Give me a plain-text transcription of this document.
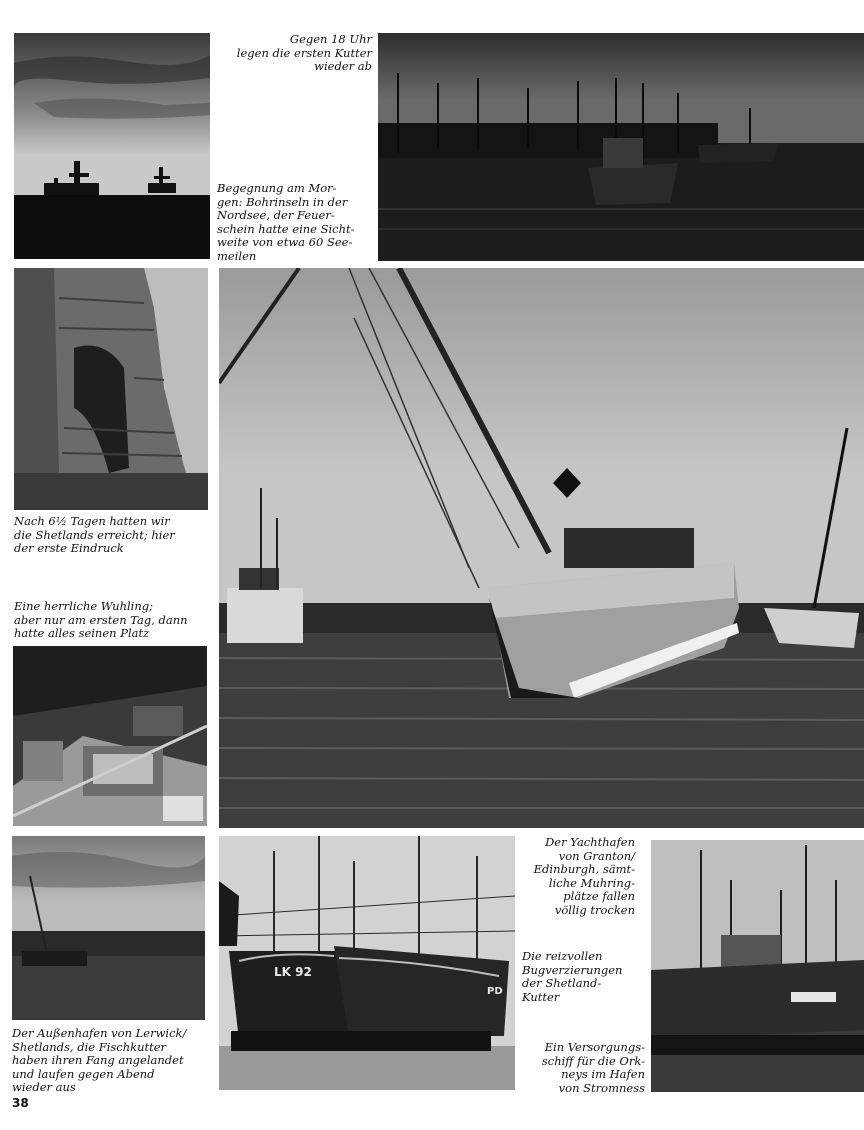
Gegen 18 Uhr
legen die ersten Kutter
wieder ab
Begegnung am Mor-
gen: Bohrinseln in der
Nordsee, der Feuer-
schein hatte eine Sicht-
weite von etwa 60 See-
meilen
Nach 6½ Tagen hatten wir
die Shetlands erreicht; hier
der erste Eindruck
Eine herrliche Wuhling;
aber nur am ersten Tag, dann
hatte alles seinen Platz
LK 92
PD
Der Yachthafen
von Granton/
Edinburgh, sämt-
liche Muhring-
plätze fallen
völlig trocken
Die reizvollen
Bugverzierungen
der Shetland-
Kutter
Der Außenhafen von Lerwick/
Shetlands, die Fischkutter
haben ihren Fang angelandet
und laufen gegen Abend
wieder aus
Ein Versorgungs-
schiff für die Ork-
neys im Hafen
von Stromness
38
